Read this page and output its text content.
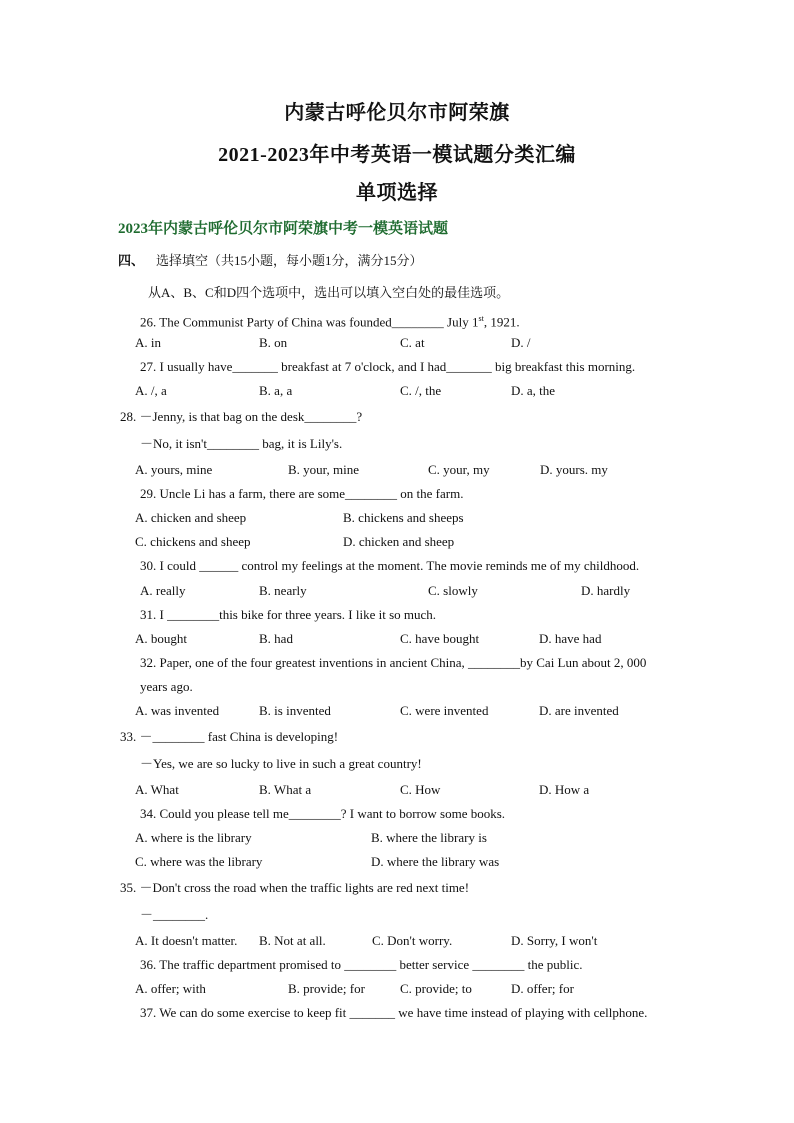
内蒙古呼伦贝尔市阿荣旗
2021-2023年中考英语一模试题分类汇编
单项选择
2023年内蒙古呼伦贝尔市阿荣旗中考一模英语试题
四、 选择填空（共15小题，每小题1分，满分15分）
从A、B、C和D四个选项中，选出可以填入空白处的最佳选项。
26. The Communist Party of China was founded________ July 1st, 1921.
A. in	B. on	C. at	D. /
27. I usually have_______ breakfast at 7 o'clock, and I had_______ big breakfast this morning.
A. /, a	B. a, a	C. /, the	D. a, the
28. －Jenny, is that bag on the desk________?
－No, it isn't________ bag, it is Lily's.
A. yours, mine	B. your, mine	C. your, my	D. yours. my
29. Uncle Li has a farm, there are some________ on the farm.
A. chicken and sheep	B. chickens and sheeps
C. chickens and sheep	D. chicken and sheep
30. I could ______ control my feelings at the moment. The movie reminds me of my childhood.
A. really	B. nearly	C. slowly	D. hardly
31. I ________this bike for three years. I like it so much.
A. bought	B. had	C. have bought	D. have had
32. Paper, one of the four greatest inventions in ancient China, ________by Cai Lun about 2, 000
years ago.
A. was invented	B. is invented	C. were invented	D. are invented
33. －________ fast China is developing!
－Yes, we are so lucky to live in such a great country!
A. What	B. What a	C. How	D. How a
34. Could you please tell me________? I want to borrow some books.
A. where is the library	B. where the library is
C. where was the library	D. where the library was
35. －Don't cross the road when the traffic lights are red next time!
－________.
A. It doesn't matter. B. Not at all.	C. Don't worry.	D. Sorry, I won't
36. The traffic department promised to ________ better service ________ the public.
A. offer; with	B. provide; for	C. provide; to	D. offer; for
37. We can do some exercise to keep fit _______ we have time instead of playing with cellphone.
